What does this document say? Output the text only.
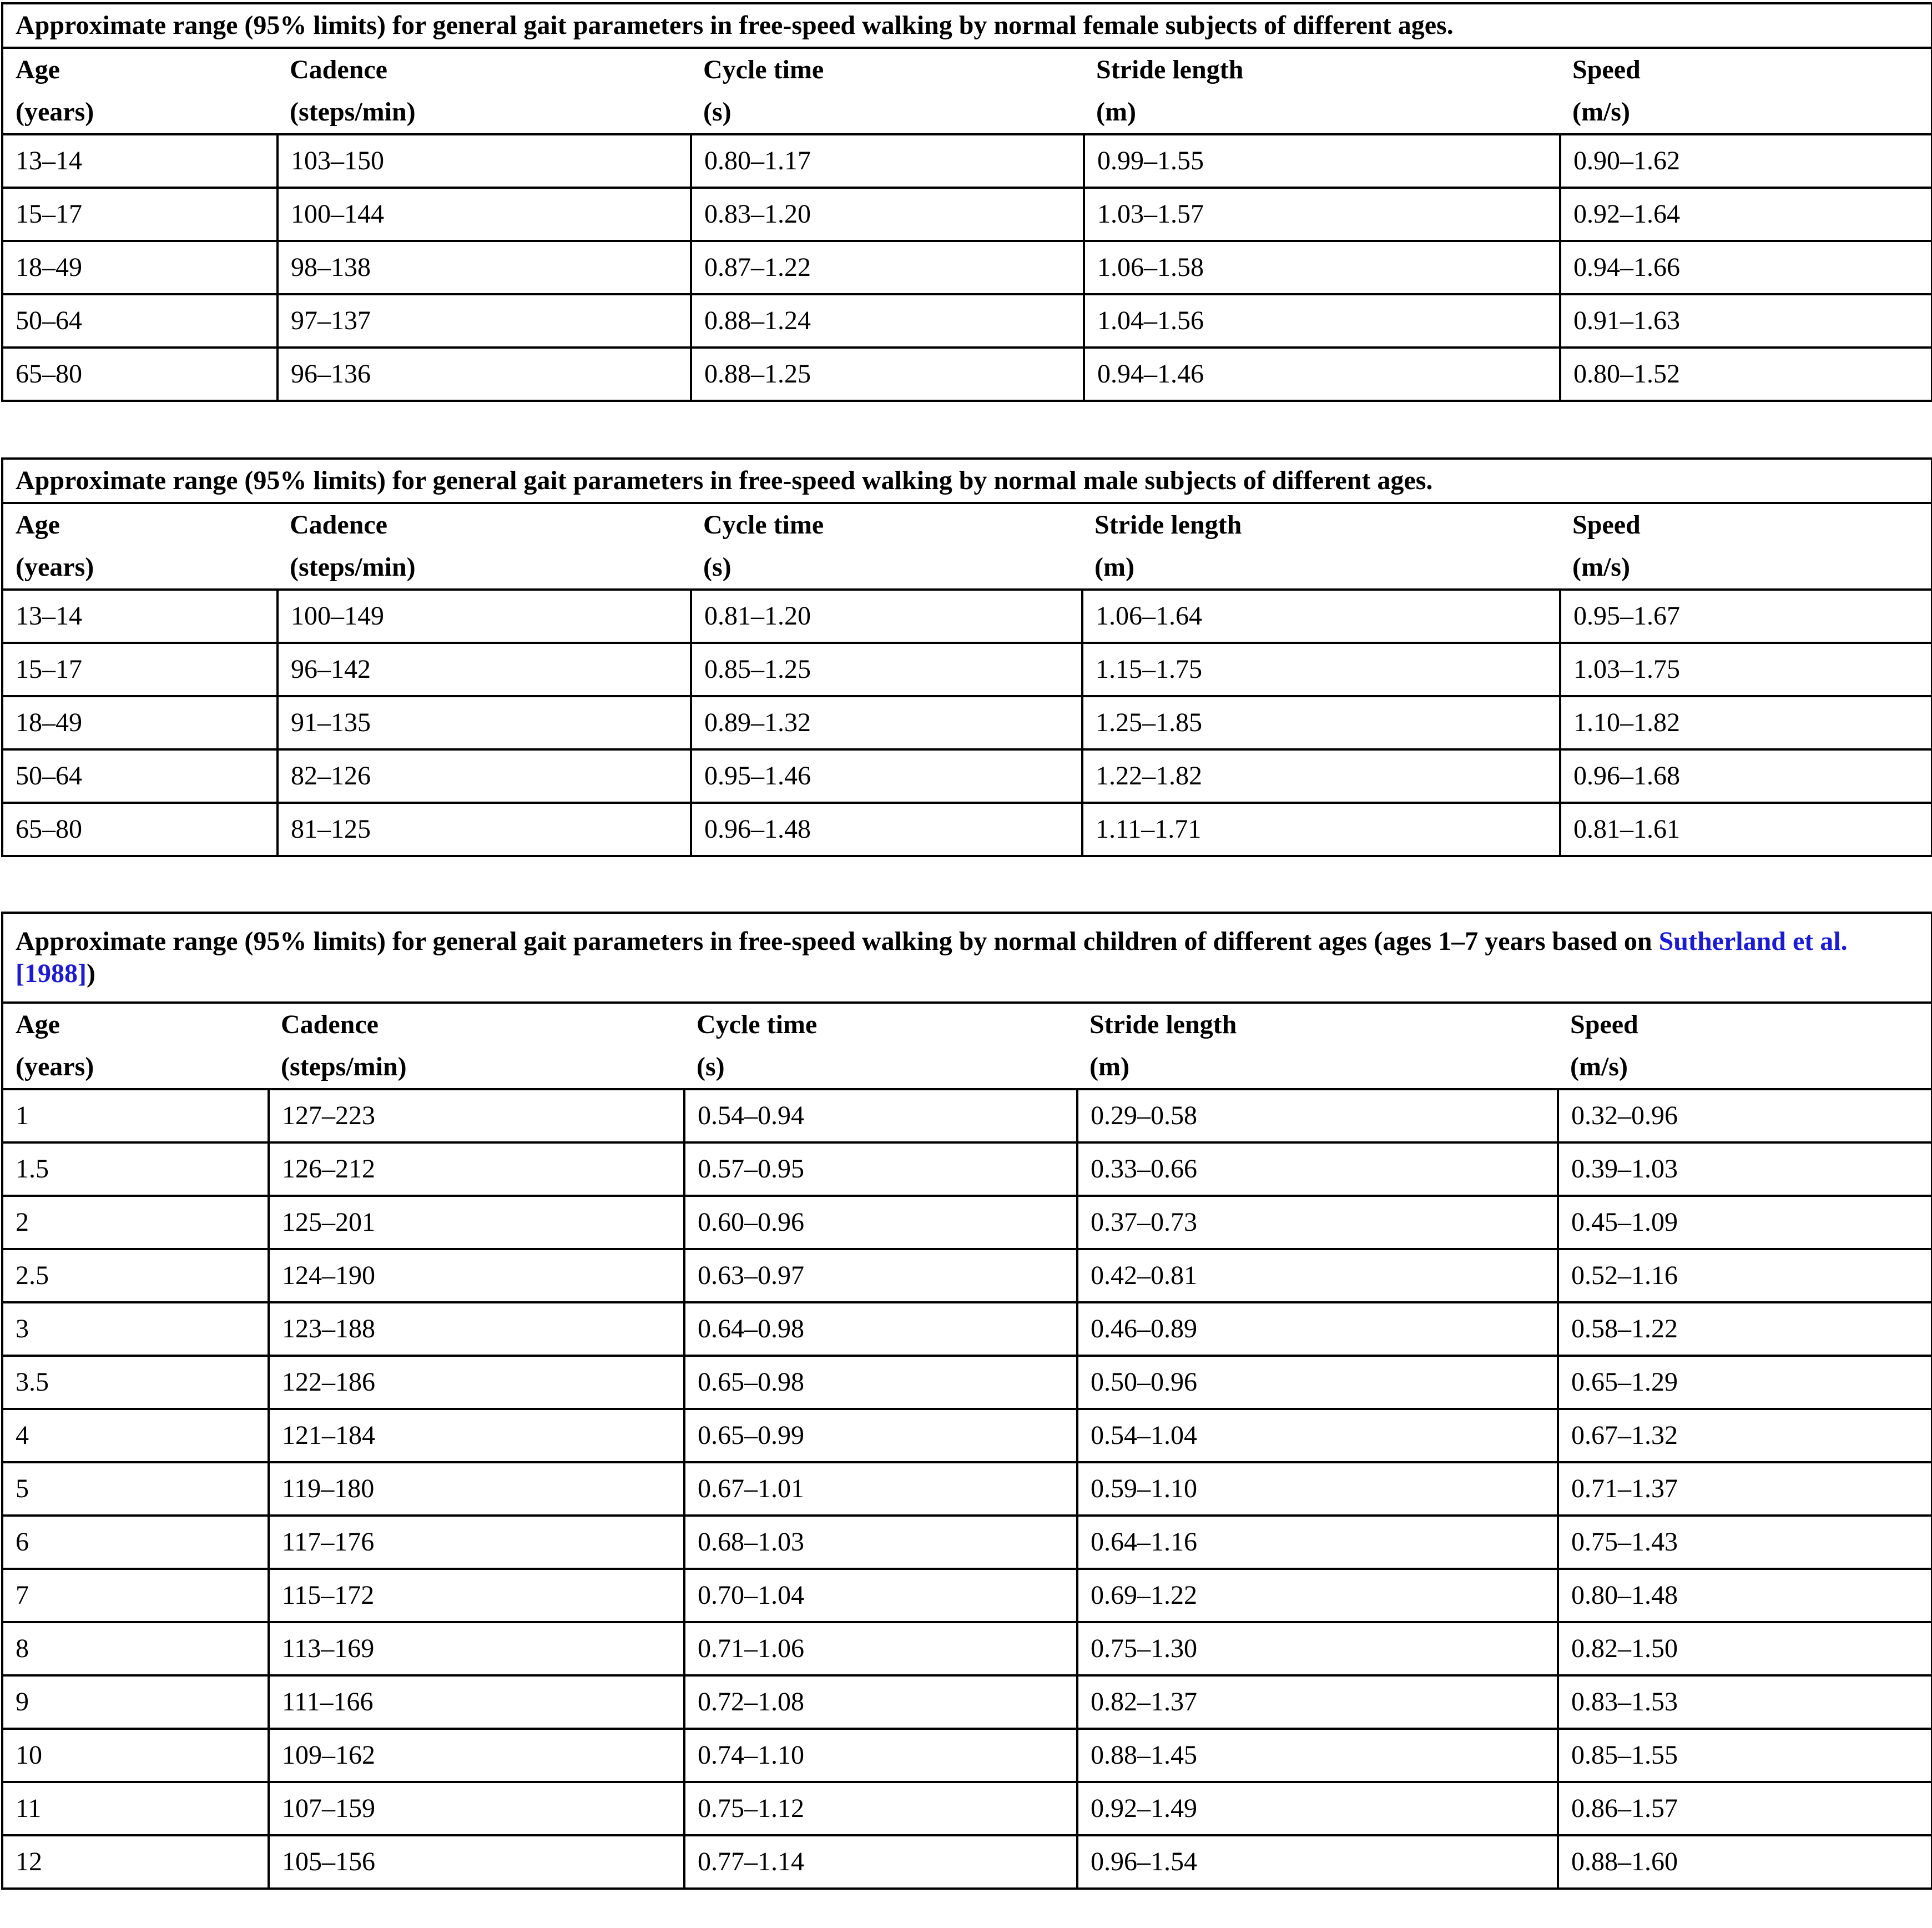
Approximate range (95% limits) for general gait parameters in free-speed walking by normal female subjects of different ages.				
Age	Cadence	Cycle time	Stride length	Speed
(years)	(steps/min)	(s)	(m)	(m/s)
13–14	103–150	0.80–1.17	0.99–1.55	0.90–1.62
15–17	100–144	0.83–1.20	1.03–1.57	0.92–1.64
18–49	98–138	0.87–1.22	1.06–1.58	0.94–1.66
50–64	97–137	0.88–1.24	1.04–1.56	0.91–1.63
65–80	96–136	0.88–1.25	0.94–1.46	0.80–1.52
Approximate range (95% limits) for general gait parameters in free-speed walking by normal male subjects of different ages.				
Age	Cadence	Cycle time	Stride length	Speed
(years)	(steps/min)	(s)	(m)	(m/s)
13–14	100–149	0.81–1.20	1.06–1.64	0.95–1.67
15–17	96–142	0.85–1.25	1.15–1.75	1.03–1.75
18–49	91–135	0.89–1.32	1.25–1.85	1.10–1.82
50–64	82–126	0.95–1.46	1.22–1.82	0.96–1.68
65–80	81–125	0.96–1.48	1.11–1.71	0.81–1.61
Approximate range (95% limits) for general gait parameters in free-speed walking by normal children of different ages (ages 1–7 years based on Sutherland et al. [1988])				
Age	Cadence	Cycle time	Stride length	Speed
(years)	(steps/min)	(s)	(m)	(m/s)
1	127–223	0.54–0.94	0.29–0.58	0.32–0.96
1.5	126–212	0.57–0.95	0.33–0.66	0.39–1.03
2	125–201	0.60–0.96	0.37–0.73	0.45–1.09
2.5	124–190	0.63–0.97	0.42–0.81	0.52–1.16
3	123–188	0.64–0.98	0.46–0.89	0.58–1.22
3.5	122–186	0.65–0.98	0.50–0.96	0.65–1.29
4	121–184	0.65–0.99	0.54–1.04	0.67–1.32
5	119–180	0.67–1.01	0.59–1.10	0.71–1.37
6	117–176	0.68–1.03	0.64–1.16	0.75–1.43
7	115–172	0.70–1.04	0.69–1.22	0.80–1.48
8	113–169	0.71–1.06	0.75–1.30	0.82–1.50
9	111–166	0.72–1.08	0.82–1.37	0.83–1.53
10	109–162	0.74–1.10	0.88–1.45	0.85–1.55
11	107–159	0.75–1.12	0.92–1.49	0.86–1.57
12	105–156	0.77–1.14	0.96–1.54	0.88–1.60
